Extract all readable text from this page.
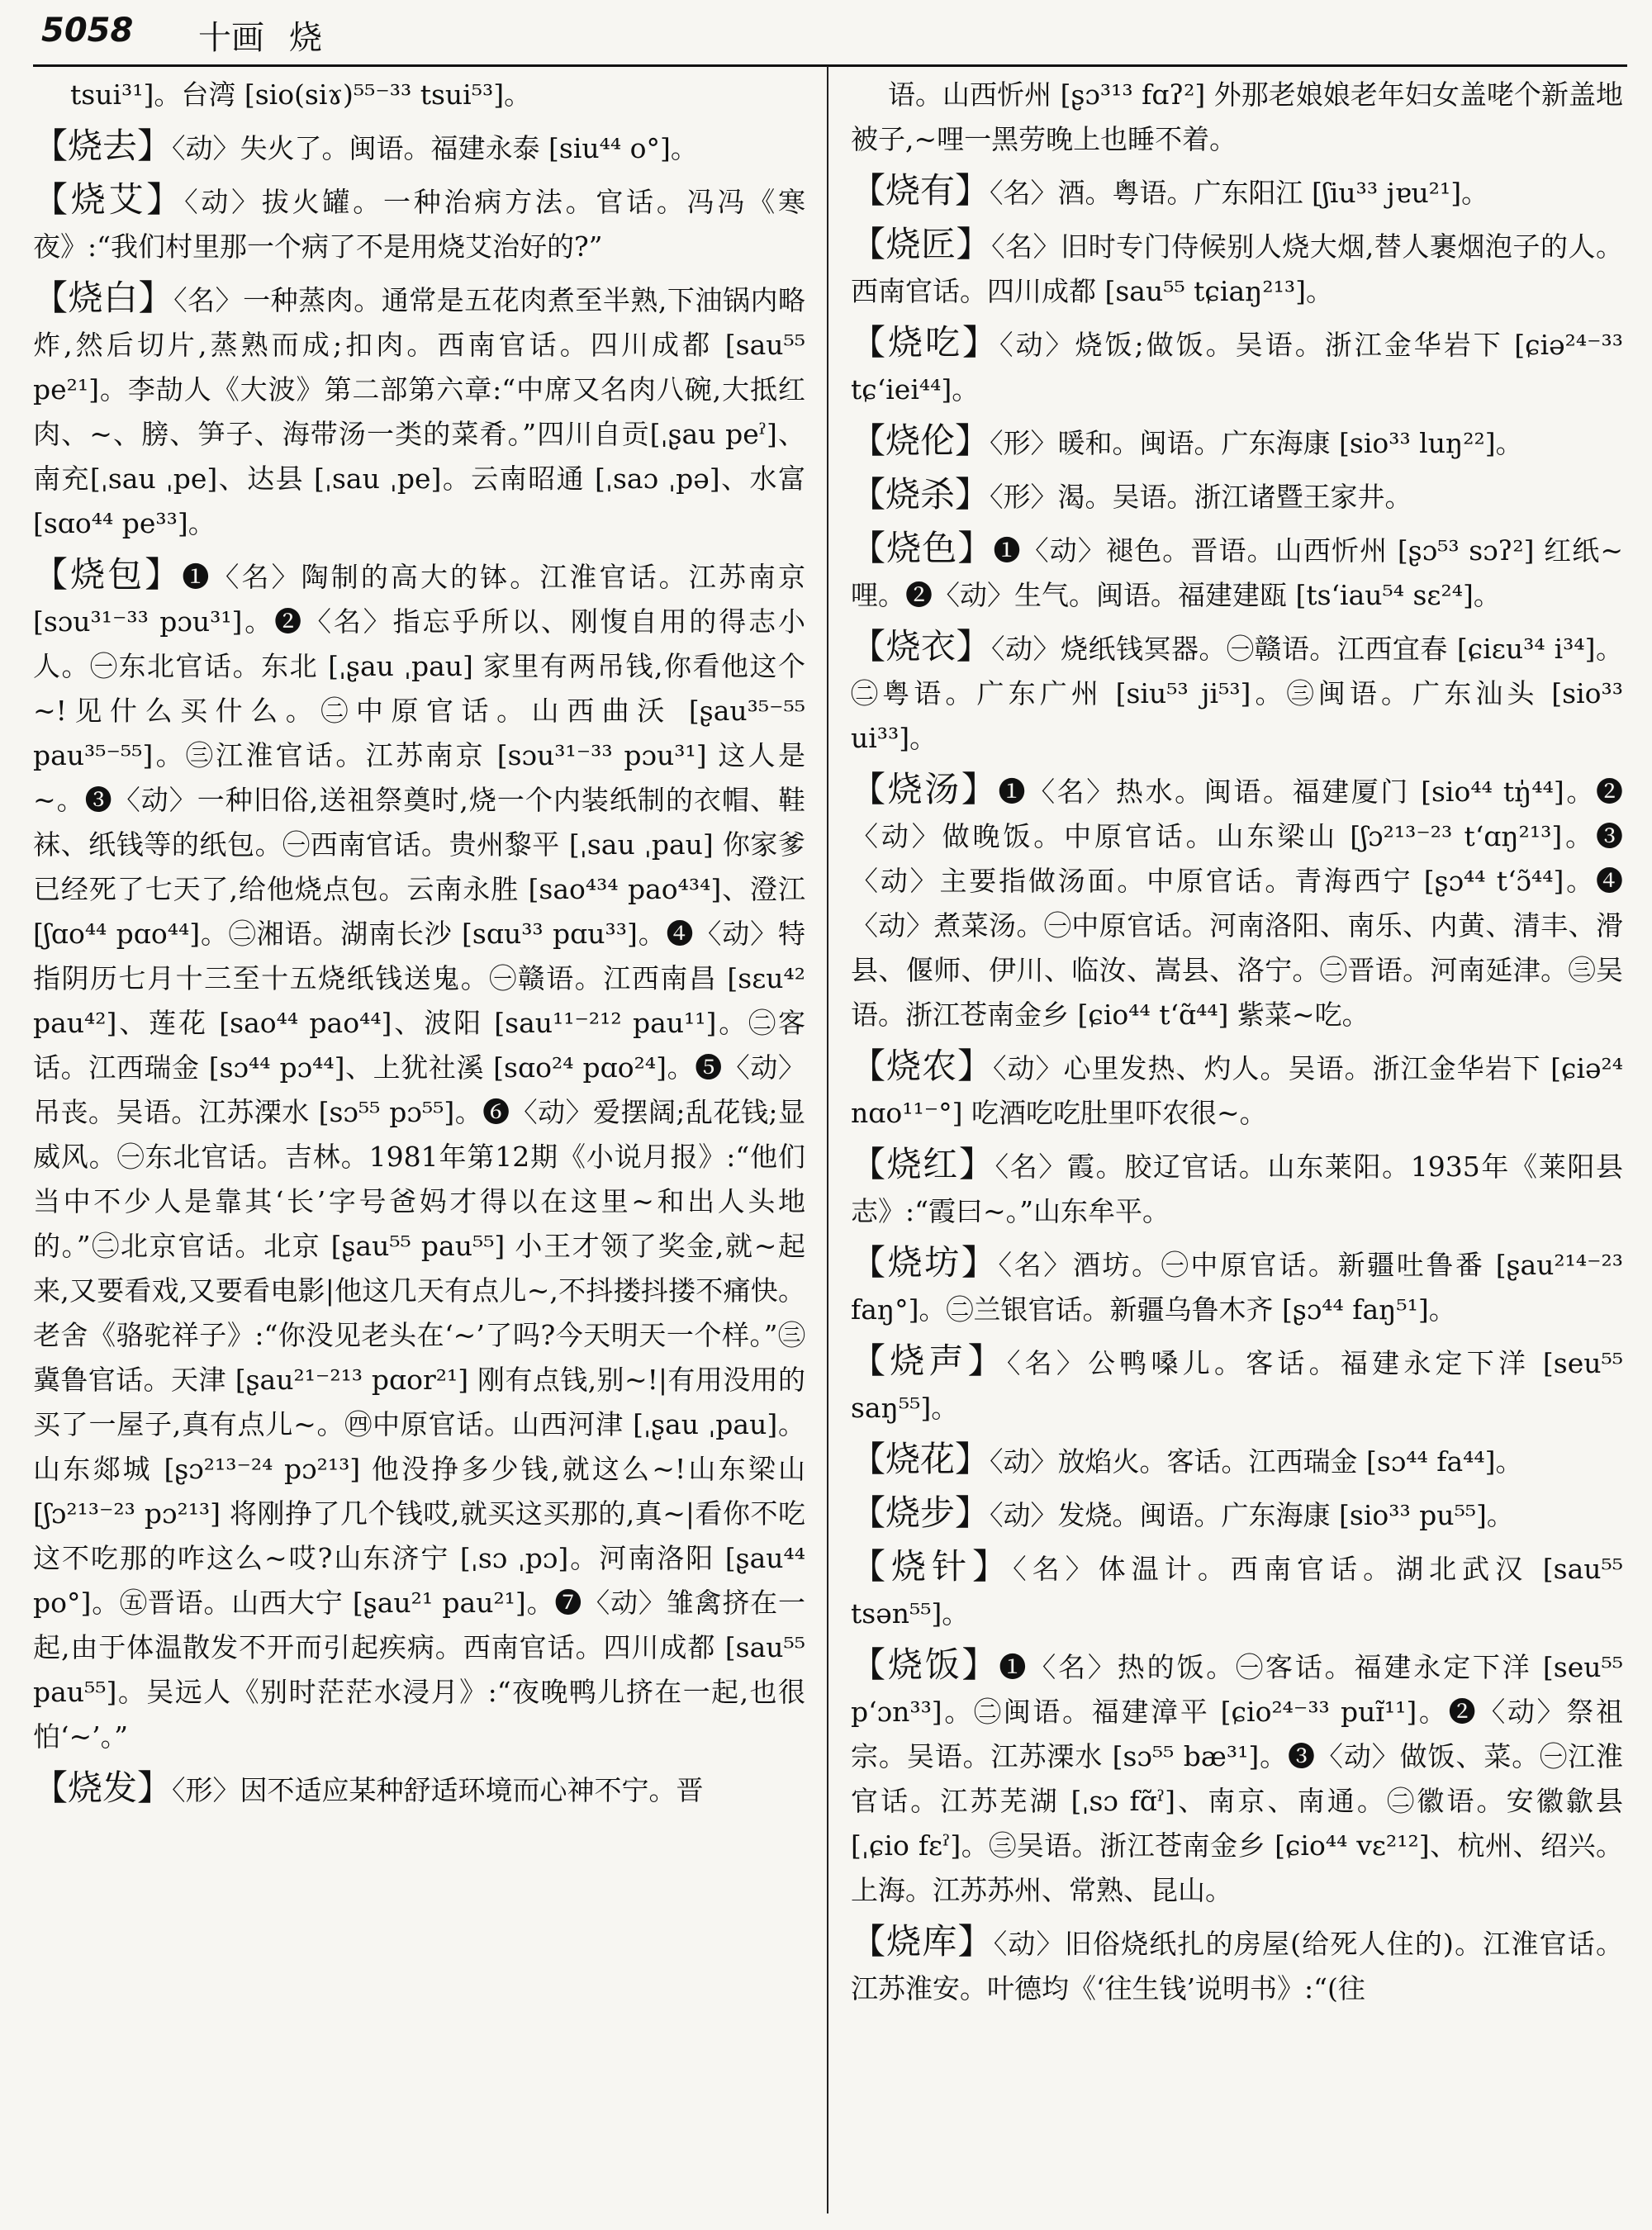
5058 十画 烧

tsui³¹]。台湾 [sio(siɤ)⁵⁵⁻³³ tsui⁵³]。

【烧去】〈动〉失火了。闽语。福建永泰 [siu⁴⁴ o°]。

【烧艾】〈动〉拔火罐。一种治病方法。官话。冯冯《寒夜》:“我们村里那一个病了不是用烧艾治好的?”

【烧白】〈名〉一种蒸肉。通常是五花肉煮至半熟,下油锅内略炸,然后切片,蒸熟而成;扣肉。西南官话。四川成都 [sau⁵⁵ pe²¹]。李劼人《大波》第二部第六章:“中席又名肉八碗,大抵红肉、~、膀、笋子、海带汤一类的菜肴。”四川自贡[ˌʂau peˀ]、南充[ˌsau ˌpe]、达县 [ˌsau ˌpe]。云南昭通 [ˌsaɔ ˌpə]、水富 [sɑo⁴⁴ pe³³]。

【烧包】❶〈名〉陶制的高大的钵。江淮官话。江苏南京 [sɔu³¹⁻³³ pɔu³¹]。❷〈名〉指忘乎所以、刚愎自用的得志小人。㊀东北官话。东北 [ˌʂau ˌpau] 家里有两吊钱,你看他这个~!见什么买什么。㊁中原官话。山西曲沃 [ʂau³⁵⁻⁵⁵ pau³⁵⁻⁵⁵]。㊂江淮官话。江苏南京 [sɔu³¹⁻³³ pɔu³¹] 这人是~。❸〈动〉一种旧俗,送祖祭奠时,烧一个内装纸制的衣帽、鞋袜、纸钱等的纸包。㊀西南官话。贵州黎平 [ˌsau ˌpau] 你家爹已经死了七天了,给他烧点包。云南永胜 [sao⁴³⁴ pao⁴³⁴]、澄江 [ʃɑo⁴⁴ pɑo⁴⁴]。㊁湘语。湖南长沙 [sɑu³³ pɑu³³]。❹〈动〉特指阴历七月十三至十五烧纸钱送鬼。㊀赣语。江西南昌 [sɛu⁴² pau⁴²]、莲花 [sao⁴⁴ pao⁴⁴]、波阳 [sau¹¹⁻²¹² pau¹¹]。㊁客话。江西瑞金 [sɔ⁴⁴ pɔ⁴⁴]、上犹社溪 [sɑo²⁴ pɑo²⁴]。❺〈动〉吊丧。吴语。江苏溧水 [sɔ⁵⁵ pɔ⁵⁵]。❻〈动〉爱摆阔;乱花钱;显威风。㊀东北官话。吉林。1981年第12期《小说月报》:“他们当中不少人是靠其‘长’字号爸妈才得以在这里~和出人头地的。”㊁北京官话。北京 [ʂau⁵⁵ pau⁵⁵] 小王才领了奖金,就~起来,又要看戏,又要看电影|他这几天有点儿~,不抖搂抖搂不痛快。老舍《骆驼祥子》:“你没见老头在‘~’了吗?今天明天一个样。”㊂冀鲁官话。天津 [ʂau²¹⁻²¹³ pɑor²¹] 刚有点钱,别~!|有用没用的买了一屋子,真有点儿~。㊃中原官话。山西河津 [ˌʂau ˌpau]。山东郯城 [ʂɔ²¹³⁻²⁴ pɔ²¹³] 他没挣多少钱,就这么~!山东梁山 [ʃɔ²¹³⁻²³ pɔ²¹³] 将刚挣了几个钱哎,就买这买那的,真~|看你不吃这不吃那的咋这么~哎?山东济宁 [ˌsɔ ˌpɔ]。河南洛阳 [ʂau⁴⁴ po°]。㊄晋语。山西大宁 [ʂau²¹ pau²¹]。❼〈动〉雏禽挤在一起,由于体温散发不开而引起疾病。西南官话。四川成都 [sau⁵⁵ pau⁵⁵]。吴远人《别时茫茫水浸月》:“夜晚鸭儿挤在一起,也很怕‘~’。”

【烧发】〈形〉因不适应某种舒适环境而心神不宁。晋

语。山西忻州 [ʂɔ³¹³ fɑʔ²] 外那老娘娘老年妇女盖咾个新盖地被子,~哩一黑劳晚上也睡不着。

【烧有】〈名〉酒。粤语。广东阳江 [ʃiu³³ jɐu²¹]。

【烧匠】〈名〉旧时专门侍候别人烧大烟,替人裹烟泡子的人。西南官话。四川成都 [sau⁵⁵ tɕiaŋ²¹³]。

【烧吃】〈动〉烧饭;做饭。吴语。浙江金华岩下 [ɕiə²⁴⁻³³ tɕʻiei⁴⁴]。

【烧伦】〈形〉暖和。闽语。广东海康 [sio³³ luŋ²²]。

【烧杀】〈形〉渴。吴语。浙江诸暨王家井。

【烧色】❶〈动〉褪色。晋语。山西忻州 [ʂɔ⁵³ sɔʔ²] 红纸~哩。❷〈动〉生气。闽语。福建建瓯 [tsʻiau⁵⁴ sɛ²⁴]。

【烧衣】〈动〉烧纸钱冥器。㊀赣语。江西宜春 [ɕiɛu³⁴ i³⁴]。㊁粤语。广东广州 [siu⁵³ ji⁵³]。㊂闽语。广东汕头 [sio³³ ui³³]。

【烧汤】❶〈名〉热水。闽语。福建厦门 [sio⁴⁴ tŋ̍⁴⁴]。❷〈动〉做晚饭。中原官话。山东梁山 [ʃɔ²¹³⁻²³ tʻɑŋ²¹³]。❸〈动〉主要指做汤面。中原官话。青海西宁 [ʂɔ⁴⁴ tʻɔ̃⁴⁴]。❹〈动〉煮菜汤。㊀中原官话。河南洛阳、南乐、内黄、清丰、滑县、偃师、伊川、临汝、嵩县、洛宁。㊁晋语。河南延津。㊂吴语。浙江苍南金乡 [ɕio⁴⁴ tʻɑ̃⁴⁴] 紫菜~吃。

【烧农】〈动〉心里发热、灼人。吴语。浙江金华岩下 [ɕiə²⁴ nɑo¹¹⁻°] 吃酒吃吃肚里吓农很~。

【烧红】〈名〉霞。胶辽官话。山东莱阳。1935年《莱阳县志》:“霞曰~。”山东牟平。

【烧坊】〈名〉酒坊。㊀中原官话。新疆吐鲁番 [ʂau²¹⁴⁻²³ faŋ°]。㊁兰银官话。新疆乌鲁木齐 [ʂɔ⁴⁴ faŋ⁵¹]。

【烧声】〈名〉公鸭嗓儿。客话。福建永定下洋 [seu⁵⁵ saŋ⁵⁵]。

【烧花】〈动〉放焰火。客话。江西瑞金 [sɔ⁴⁴ fa⁴⁴]。

【烧步】〈动〉发烧。闽语。广东海康 [sio³³ pu⁵⁵]。

【烧针】〈名〉体温计。西南官话。湖北武汉 [sau⁵⁵ tsən⁵⁵]。

【烧饭】❶〈名〉热的饭。㊀客话。福建永定下洋 [seu⁵⁵ pʻɔn³³]。㊁闽语。福建漳平 [ɕio²⁴⁻³³ puɪ̃¹¹]。❷〈动〉祭祖宗。吴语。江苏溧水 [sɔ⁵⁵ bæ³¹]。❸〈动〉做饭、菜。㊀江淮官话。江苏芜湖 [ˌsɔ fɑ̃ˀ]、南京、南通。㊁徽语。安徽歙县 [ˌɕio fɛˀ]。㊂吴语。浙江苍南金乡 [ɕio⁴⁴ vɛ²¹²]、杭州、绍兴。上海。江苏苏州、常熟、昆山。

【烧库】〈动〉旧俗烧纸扎的房屋(给死人住的)。江淮官话。江苏淮安。叶德均《‘往生钱’说明书》:“(往
